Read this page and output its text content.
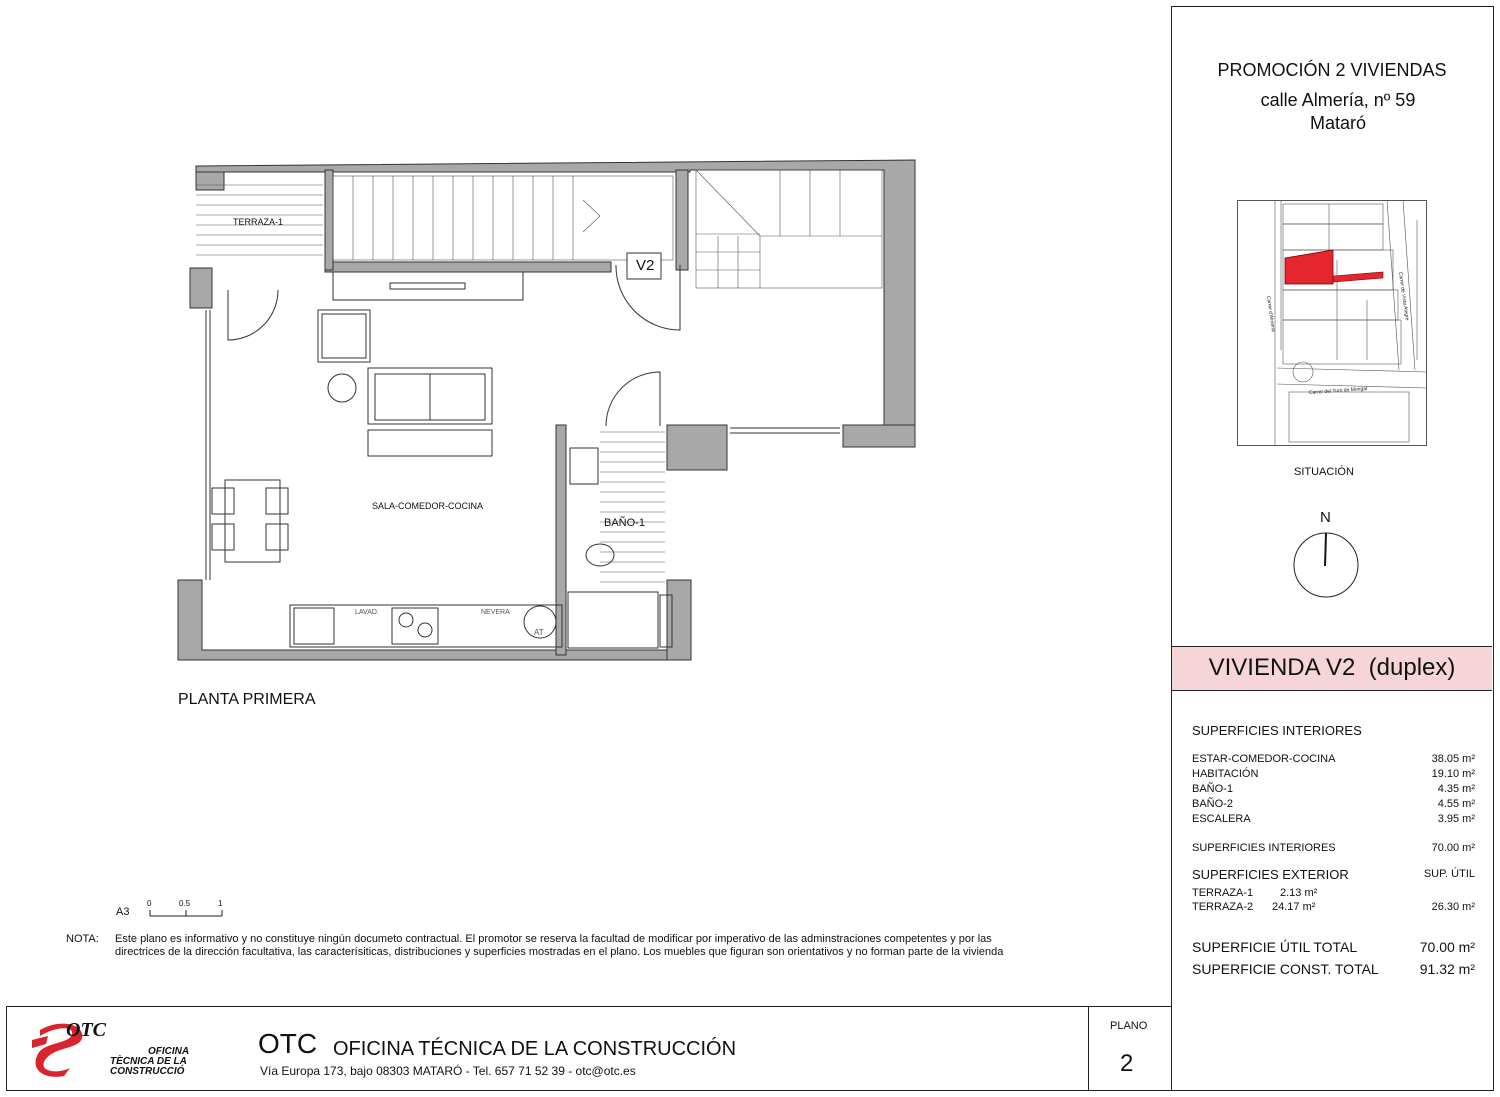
PROMOCIÓN 2 VIVIENDAS
calle Almería, nº 59
Mataró
Carrer d'Almeria	Carrer de Vista Alegre
Carrer del Turó de Mongat
SITUACIÓN
N
VIVIENDA V2  (duplex)
SUPERFICIES INTERIORES
ESTAR-COMEDOR-COCINA	38.05 m²
HABITACIÓN	19.10 m²
BAÑO-1	4.35 m²
BAÑO-2	4.55 m²
ESCALERA	3.95 m²
SUPERFICIES INTERIORES	70.00 m²
SUPERFICIES EXTERIOR	SUP. ÚTIL
TERRAZA-1 2.13 m²
TERRAZA-2 24.17 m²	26.30 m²
SUPERFICIE ÚTIL TOTAL	70.00 m²
SUPERFICIE CONST. TOTAL	91.32 m²
PLANO
2
OTC
OFICINA
TÈCNICA DE LA
CONSTRUCCIÓ
OTC OFICINA TÉCNICA DE LA CONSTRUCCIÓN
Vía Europa 173, bajo 08303 MATARÓ - Tel. 657 71 52 39 - otc@otc.es
NOTA: Este plano es informativo y no constituye ningún documeto contractual. El promotor se reserva la facultad de modificar por imperativo de las adminstraciones competentes y por las
directrices de la dirección facultativa, las caracterísiticas, distribuciones y superficies mostradas en el plano. Los muebles que figuran son orientativos y no forman parte de la vivienda
A3
0	0.5	1
TERRAZA-1
V2
SALA-COMEDOR-COCINA
BAÑO-1
LAVAD.	NEVERA
AT
PLANTA PRIMERA
